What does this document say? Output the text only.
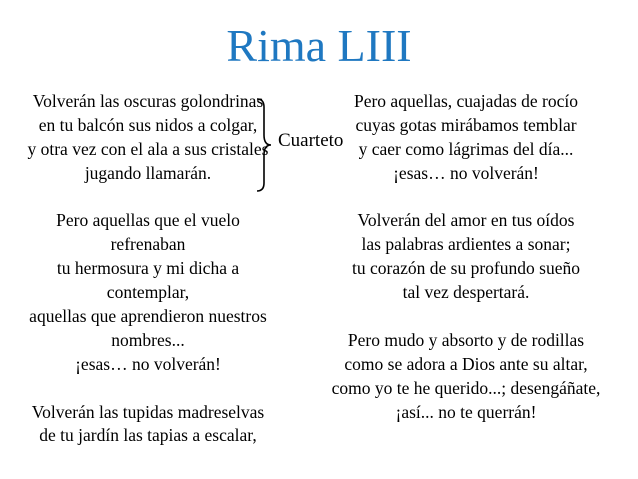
Rima LIII
Volverán las oscuras golondrinas
en tu balcón sus nidos a colgar,
y otra vez con el ala a sus cristales
jugando llamarán.
Pero aquellas que el vuelo
refrenaban
tu hermosura y mi dicha a
contemplar,
aquellas que aprendieron nuestros
nombres...
¡esas… no volverán!
Volverán las tupidas madreselvas
de tu jardín las tapias a escalar,
Pero aquellas, cuajadas de rocío
cuyas gotas mirábamos temblar
y caer como lágrimas del día...
¡esas… no volverán!
Volverán del amor en tus oídos
las palabras ardientes a sonar;
tu corazón de su profundo sueño
tal vez despertará.
Pero mudo y absorto y de rodillas
como se adora a Dios ante su altar,
como yo te he querido...; desengáñate,
¡así... no te querrán!
Cuarteto
